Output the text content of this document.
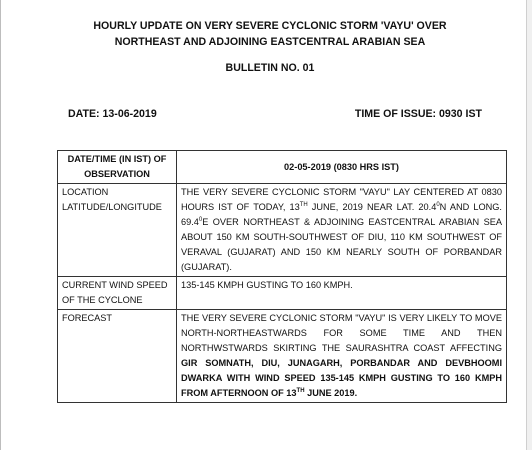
HOURLY UPDATE ON VERY SEVERE CYCLONIC STORM 'VAYU' OVER
NORTHEAST AND ADJOINING EASTCENTRAL ARABIAN SEA
BULLETIN NO. 01
DATE: 13-06-2019	TIME OF ISSUE: 0930 IST
DATE/TIME (IN IST) OF
OBSERVATION	02-05-2019 (0830 HRS IST)
LOCATION
LATITUDE/LONGITUDE	THE VERY SEVERE CYCLONIC STORM "VAYU" LAY CENTERED AT 0830 HOURS IST OF TODAY, 13TH JUNE, 2019 NEAR LAT. 20.4$^0$N AND LONG. 69.4$^0$E OVER NORTHEAST & ADJOINING EASTCENTRAL ARABIAN SEA ABOUT 150 KM SOUTH-SOUTHWEST OF DIU, 110 KM SOUTHWEST OF VERAVAL (GUJARAT) AND 150 KM NEARLY SOUTH OF PORBANDAR (GUJARAT).
CURRENT WIND SPEED
OF THE CYCLONE	135-145 KMPH GUSTING TO 160 KMPH.
FORECAST	THE VERY SEVERE CYCLONIC STORM "VAYU" IS VERY LIKELY TO MOVE NORTH-NORTHEASTWARDS FOR SOME TIME AND THEN NORTHWSTWARDS SKIRTING THE SAURASHTRA COAST AFFECTING GIR SOMNATH, DIU, JUNAGARH, PORBANDAR AND DEVBHOOMI DWARKA WITH WIND SPEED 135-145 KMPH GUSTING TO 160 KMPH FROM AFTERNOON OF 13TH JUNE 2019.
